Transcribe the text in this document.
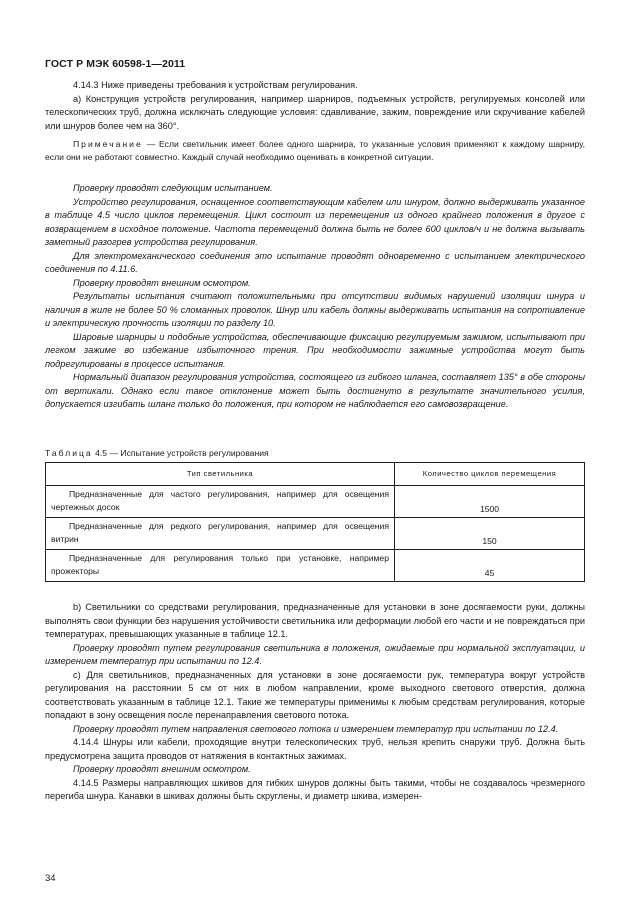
ГОСТ Р МЭК 60598-1—2011

4.14.3 Ниже приведены требования к устройствам регулирования.

а) Конструкция устройств регулирования, например шарниров, подъемных устройств, регулируемых консолей или телескопических труб, должна исключать следующие условия: сдавливание, зажим, повреждение или скручивание кабелей или шнуров более чем на 360°.

Примечание — Если светильник имеет более одного шарнира, то указанные условия применяют к каждому шарниру, если они не работают совместно. Каждый случай необходимо оценивать в конкретной ситуации.

Проверку проводят следующим испытанием.

Устройство регулирования, оснащенное соответствующим кабелем или шнуром, должно выдерживать указанное в таблице 4.5 число циклов перемещения. Цикл состоит из перемещения из одного крайнего положения в другое с возвращением в исходное положение. Частота перемещений должна быть не более 600 циклов/ч и не должна вызывать заметный разогрев устройства регулирования.

Для электромеханического соединения это испытание проводят одновременно с испытанием электрического соединения по 4.11.6.

Проверку проводят внешним осмотром.

Результаты испытания считают положительными при отсутствии видимых нарушений изоляции шнура и наличия в жиле не более 50 % сломанных проволок. Шнур или кабель должны выдерживать испытания на сопротивление и электрическую прочность изоляции по разделу 10.

Шаровые шарниры и подобные устройства, обеспечивающие фиксацию регулируемым зажимом, испытывают при легком зажиме во избежание избыточного трения. При необходимости зажимные устройства могут быть подрегулированы в процессе испытания.

Нормальный диапазон регулирования устройства, состоящего из гибкого шланга, составляет 135° в обе стороны от вертикали. Однако если такое отклонение может быть достигнуто в результате значительного усилия, допускается изгибать шланг только до положения, при котором не наблюдается его самовозвращение.

Таблица 4.5 — Испытание устройств регулирования
Тип светильника	Количество циклов перемещения
Предназначенные для частого регулирования, например для освещения чертежных досок	1500
Предназначенные для редкого регулирования, например для освещения витрин	150
Предназначенные для регулирования только при установке, например прожекторы	45

b) Светильники со средствами регулирования, предназначенные для установки в зоне досягаемости руки, должны выполнять свои функции без нарушения устойчивости светильника или деформации любой его части и не повреждаться при температурах, превышающих указанные в таблице 12.1.

Проверку проводят путем регулирования светильника в положения, ожидаемые при нормальной эксплуатации, и измерением температур при испытании по 12.4.

c) Для светильников, предназначенных для установки в зоне досягаемости рук, температура вокруг устройств регулирования на расстоянии 5 см от них в любом направлении, кроме выходного светового отверстия, должна соответствовать указанным в таблице 12.1. Такие же температуры применимы к любым средствам регулирования, которые попадают в зону освещения после перенаправления светового потока.

Проверку проводят путем направления светового потока и измерением температур при испытании по 12.4.

4.14.4 Шнуры или кабели, проходящие внутри телескопических труб, нельзя крепить снаружи труб. Должна быть предусмотрена защита проводов от натяжения в контактных зажимах.

Проверку проводят внешним осмотром.

4.14.5 Размеры направляющих шкивов для гибких шнуров должны быть такими, чтобы не создавалось чрезмерного перегиба шнура. Канавки в шкивах должны быть скруглены, и диаметр шкива, измерен-

34
